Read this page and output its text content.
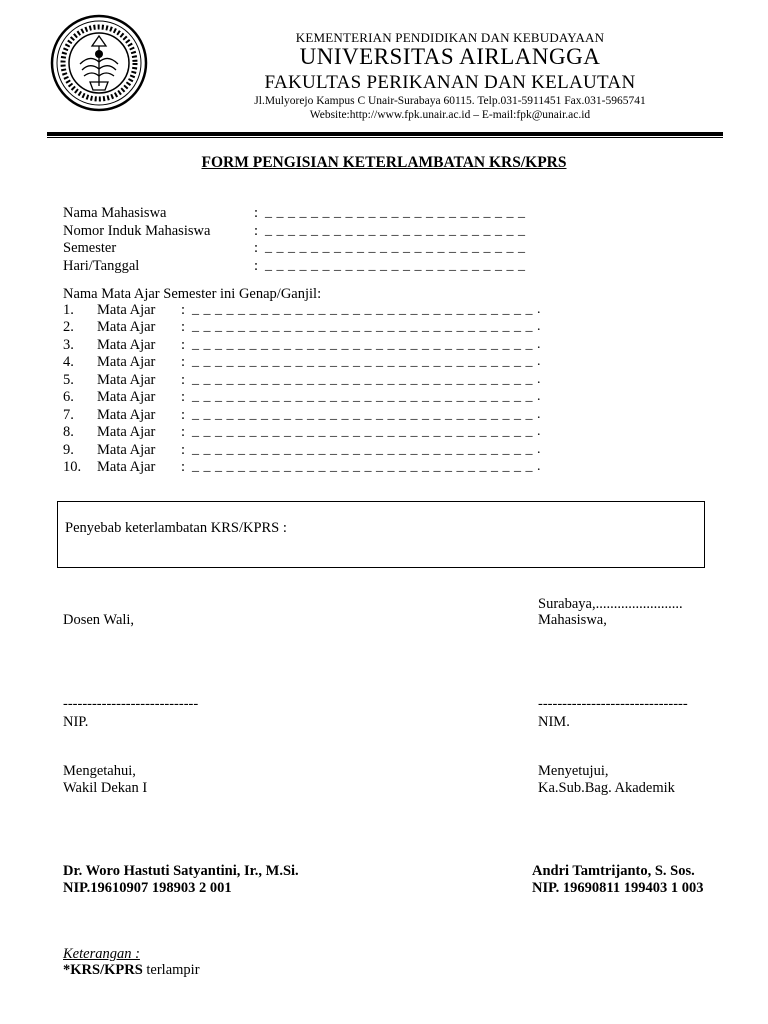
KEMENTERIAN PENDIDIKAN DAN KEBUDAYAAN
UNIVERSITAS AIRLANGGA
FAKULTAS PERIKANAN DAN KELAUTAN
Jl.Mulyorejo Kampus C Unair-Surabaya 60115. Telp.031-5911451 Fax.031-5965741
Website:http://www.fpk.unair.ac.id – E-mail:fpk@unair.ac.id
FORM PENGISIAN KETERLAMBATAN KRS/KPRS
Nama Mahasiswa	: _ _ _ _ _ _ _ _ _ _ _ _ _ _ _ _ _ _ _ _ _ _ _
Nomor Induk Mahasiswa	: _ _ _ _ _ _ _ _ _ _ _ _ _ _ _ _ _ _ _ _ _ _ _
Semester	: _ _ _ _ _ _ _ _ _ _ _ _ _ _ _ _ _ _ _ _ _ _ _
Hari/Tanggal	: _ _ _ _ _ _ _ _ _ _ _ _ _ _ _ _ _ _ _ _ _ _ _
Nama Mata Ajar Semester ini Genap/Ganjil:
1. Mata Ajar : _ _ _ _ _ _ _ _ _ _ _ _ _ _ _ _ _ _ _ _ _ _ _ _ _ _ _ _ _ _ .
2. Mata Ajar : _ _ _ _ _ _ _ _ _ _ _ _ _ _ _ _ _ _ _ _ _ _ _ _ _ _ _ _ _ _ .
3. Mata Ajar : _ _ _ _ _ _ _ _ _ _ _ _ _ _ _ _ _ _ _ _ _ _ _ _ _ _ _ _ _ _ .
4. Mata Ajar : _ _ _ _ _ _ _ _ _ _ _ _ _ _ _ _ _ _ _ _ _ _ _ _ _ _ _ _ _ _ .
5. Mata Ajar : _ _ _ _ _ _ _ _ _ _ _ _ _ _ _ _ _ _ _ _ _ _ _ _ _ _ _ _ _ _ .
6. Mata Ajar : _ _ _ _ _ _ _ _ _ _ _ _ _ _ _ _ _ _ _ _ _ _ _ _ _ _ _ _ _ _ .
7. Mata Ajar : _ _ _ _ _ _ _ _ _ _ _ _ _ _ _ _ _ _ _ _ _ _ _ _ _ _ _ _ _ _ .
8. Mata Ajar : _ _ _ _ _ _ _ _ _ _ _ _ _ _ _ _ _ _ _ _ _ _ _ _ _ _ _ _ _ _ .
9. Mata Ajar : _ _ _ _ _ _ _ _ _ _ _ _ _ _ _ _ _ _ _ _ _ _ _ _ _ _ _ _ _ _ .
10. Mata Ajar : _ _ _ _ _ _ _ _ _ _ _ _ _ _ _ _ _ _ _ _ _ _ _ _ _ _ _ _ _ _ .
Penyebab keterlambatan KRS/KPRS :
Surabaya,........................
Dosen Wali,	Mahasiswa,
----------------------------	-------------------------------
NIP.	NIM.
Mengetahui,
Wakil Dekan I
Menyetujui,
Ka.Sub.Bag. Akademik
Dr. Woro Hastuti Satyantini, Ir., M.Si.
NIP.19610907 198903 2 001
Andri Tamtrijanto, S. Sos.
NIP. 19690811 199403 1 003
Keterangan :
*KRS/KPRS terlampir
